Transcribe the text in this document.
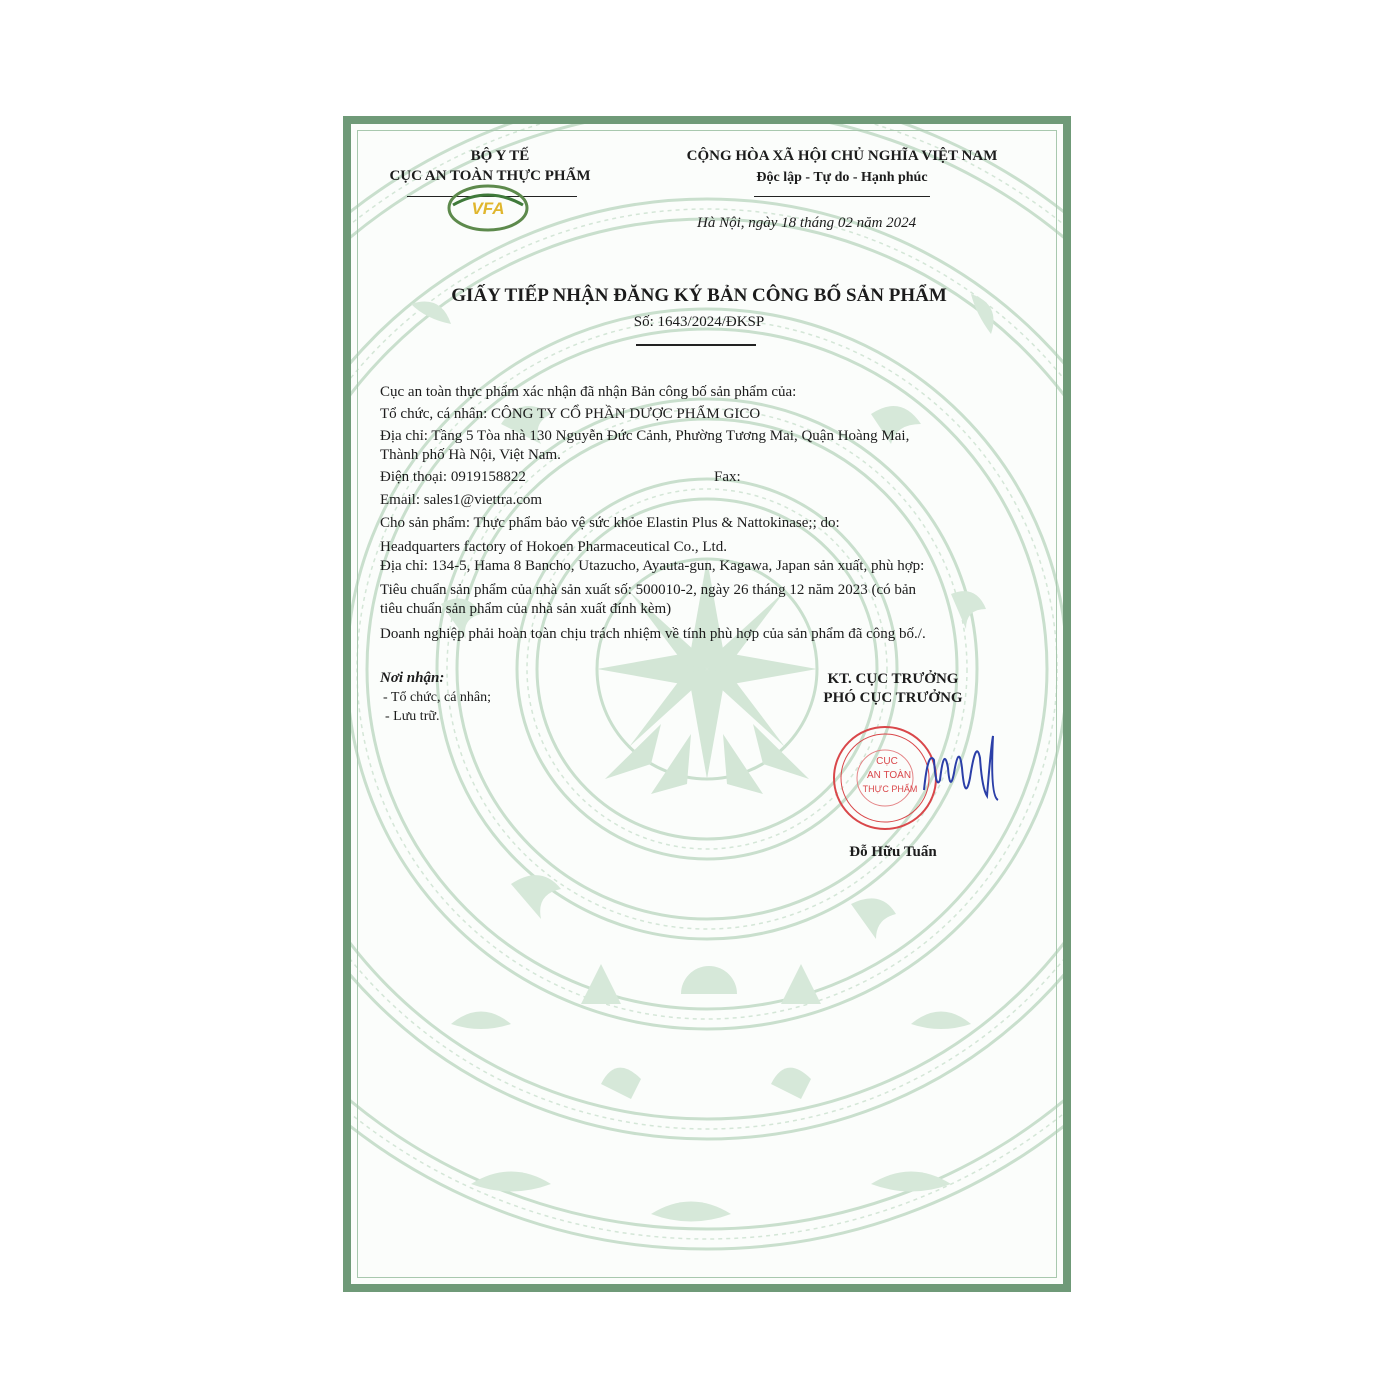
BỘ Y TẾ
CỤC AN TOÀN THỰC PHẨM
VFA
CỘNG HÒA XÃ HỘI CHỦ NGHĨA VIỆT NAM
Độc lập - Tự do - Hạnh phúc
Hà Nội, ngày 18 tháng 02 năm 2024
GIẤY TIẾP NHẬN ĐĂNG KÝ BẢN CÔNG BỐ SẢN PHẨM
Số: 1643/2024/ĐKSP
Cục an toàn thực phẩm xác nhận đã nhận Bản công bố sản phẩm của:
Tổ chức, cá nhân: CÔNG TY CỔ PHẦN DƯỢC PHẨM GICO
Địa chỉ: Tầng 5 Tòa nhà 130 Nguyễn Đức Cảnh, Phường Tương Mai, Quận Hoàng Mai,
Thành phố Hà Nội, Việt Nam.
Điện thoại: 0919158822	Fax:
Email: sales1@viettra.com
Cho sản phẩm: Thực phẩm bảo vệ sức khỏe Elastin Plus & Nattokinase;; do:
Headquarters factory of Hokoen Pharmaceutical Co., Ltd.
Địa chỉ: 134-5, Hama 8 Bancho, Utazucho, Ayauta-gun, Kagawa, Japan sản xuất, phù hợp:
Tiêu chuẩn sản phẩm của nhà sản xuất số: 500010-2, ngày 26 tháng 12 năm 2023 (có bản
tiêu chuẩn sản phẩm của nhà sản xuất đính kèm)
Doanh nghiệp phải hoàn toàn chịu trách nhiệm về tính phù hợp của sản phẩm đã công bố./.
Nơi nhận:
- Tổ chức, cá nhân;
- Lưu trữ.
KT. CỤC TRƯỞNG
PHÓ CỤC TRƯỞNG
CỤC
AN TOÀN
THỰC PHẨM
Đỗ Hữu Tuấn
